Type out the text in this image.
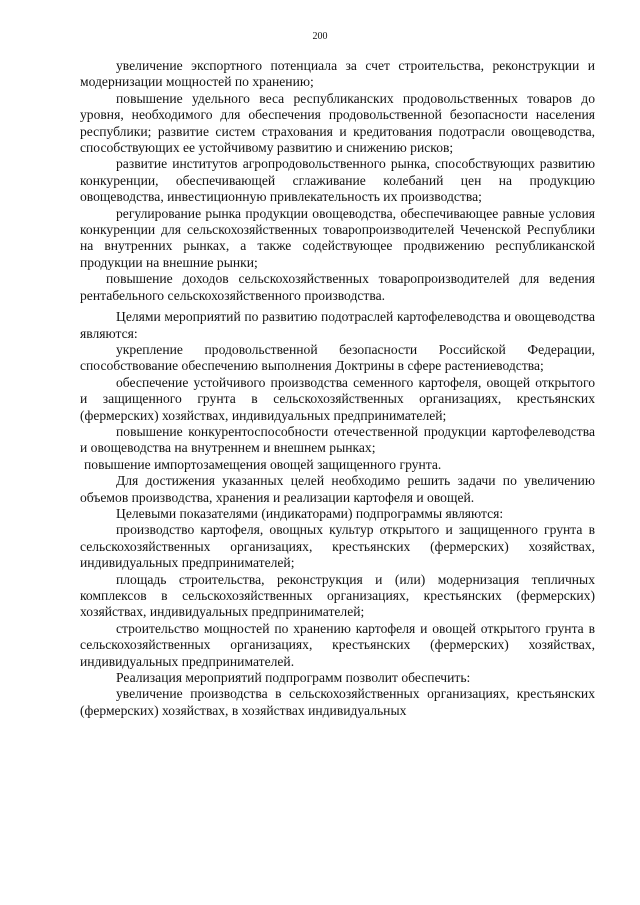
200

увеличение экспортного потенциала за счет строительства, реконструкции и модернизации мощностей по хранению;

повышение удельного веса республиканских продовольственных товаров до уровня, необходимого для обеспечения продовольственной безопасности населения республики; развитие систем страхования и кредитования подотрасли овощеводства, способствующих ее устойчивому развитию и снижению рисков;

развитие институтов агропродовольственного рынка, способствующих развитию конкуренции, обеспечивающей сглаживание колебаний цен на продукцию овощеводства, инвестиционную привлекательность их производства;

регулирование рынка продукции овощеводства, обеспечивающее равные условия конкуренции для сельскохозяйственных товаропроизводителей Чеченской Республики на внутренних рынках, а также содействующее продвижению республиканской продукции на внешние рынки;

повышение доходов сельскохозяйственных товаропроизводителей для ведения рентабельного сельскохозяйственного производства.

Целями мероприятий по развитию подотраслей картофелеводства и овощеводства являются:

укрепление продовольственной безопасности Российской Федерации, способствование обеспечению выполнения Доктрины в сфере растениеводства;

обеспечение устойчивого производства семенного картофеля, овощей открытого и защищенного грунта в сельскохозяйственных организациях, крестьянских (фермерских) хозяйствах, индивидуальных предпринимателей;

повышение конкурентоспособности отечественной продукции картофелеводства и овощеводства на внутреннем и внешнем рынках;

повышение импортозамещения овощей защищенного грунта.

Для достижения указанных целей необходимо решить задачи по увеличению объемов производства, хранения и реализации картофеля и овощей.

Целевыми показателями (индикаторами) подпрограммы являются:

производство картофеля, овощных культур открытого и защищенного грунта в сельскохозяйственных организациях, крестьянских (фермерских) хозяйствах, индивидуальных предпринимателей;

площадь строительства, реконструкция и (или) модернизация тепличных комплексов в сельскохозяйственных организациях, крестьянских (фермерских) хозяйствах, индивидуальных предпринимателей;

строительство мощностей по хранению картофеля и овощей открытого грунта в сельскохозяйственных организациях, крестьянских (фермерских) хозяйствах, индивидуальных предпринимателей.

Реализация мероприятий подпрограмм позволит обеспечить:

увеличение производства в сельскохозяйственных организациях, крестьянских (фермерских) хозяйствах, в хозяйствах индивидуальных
